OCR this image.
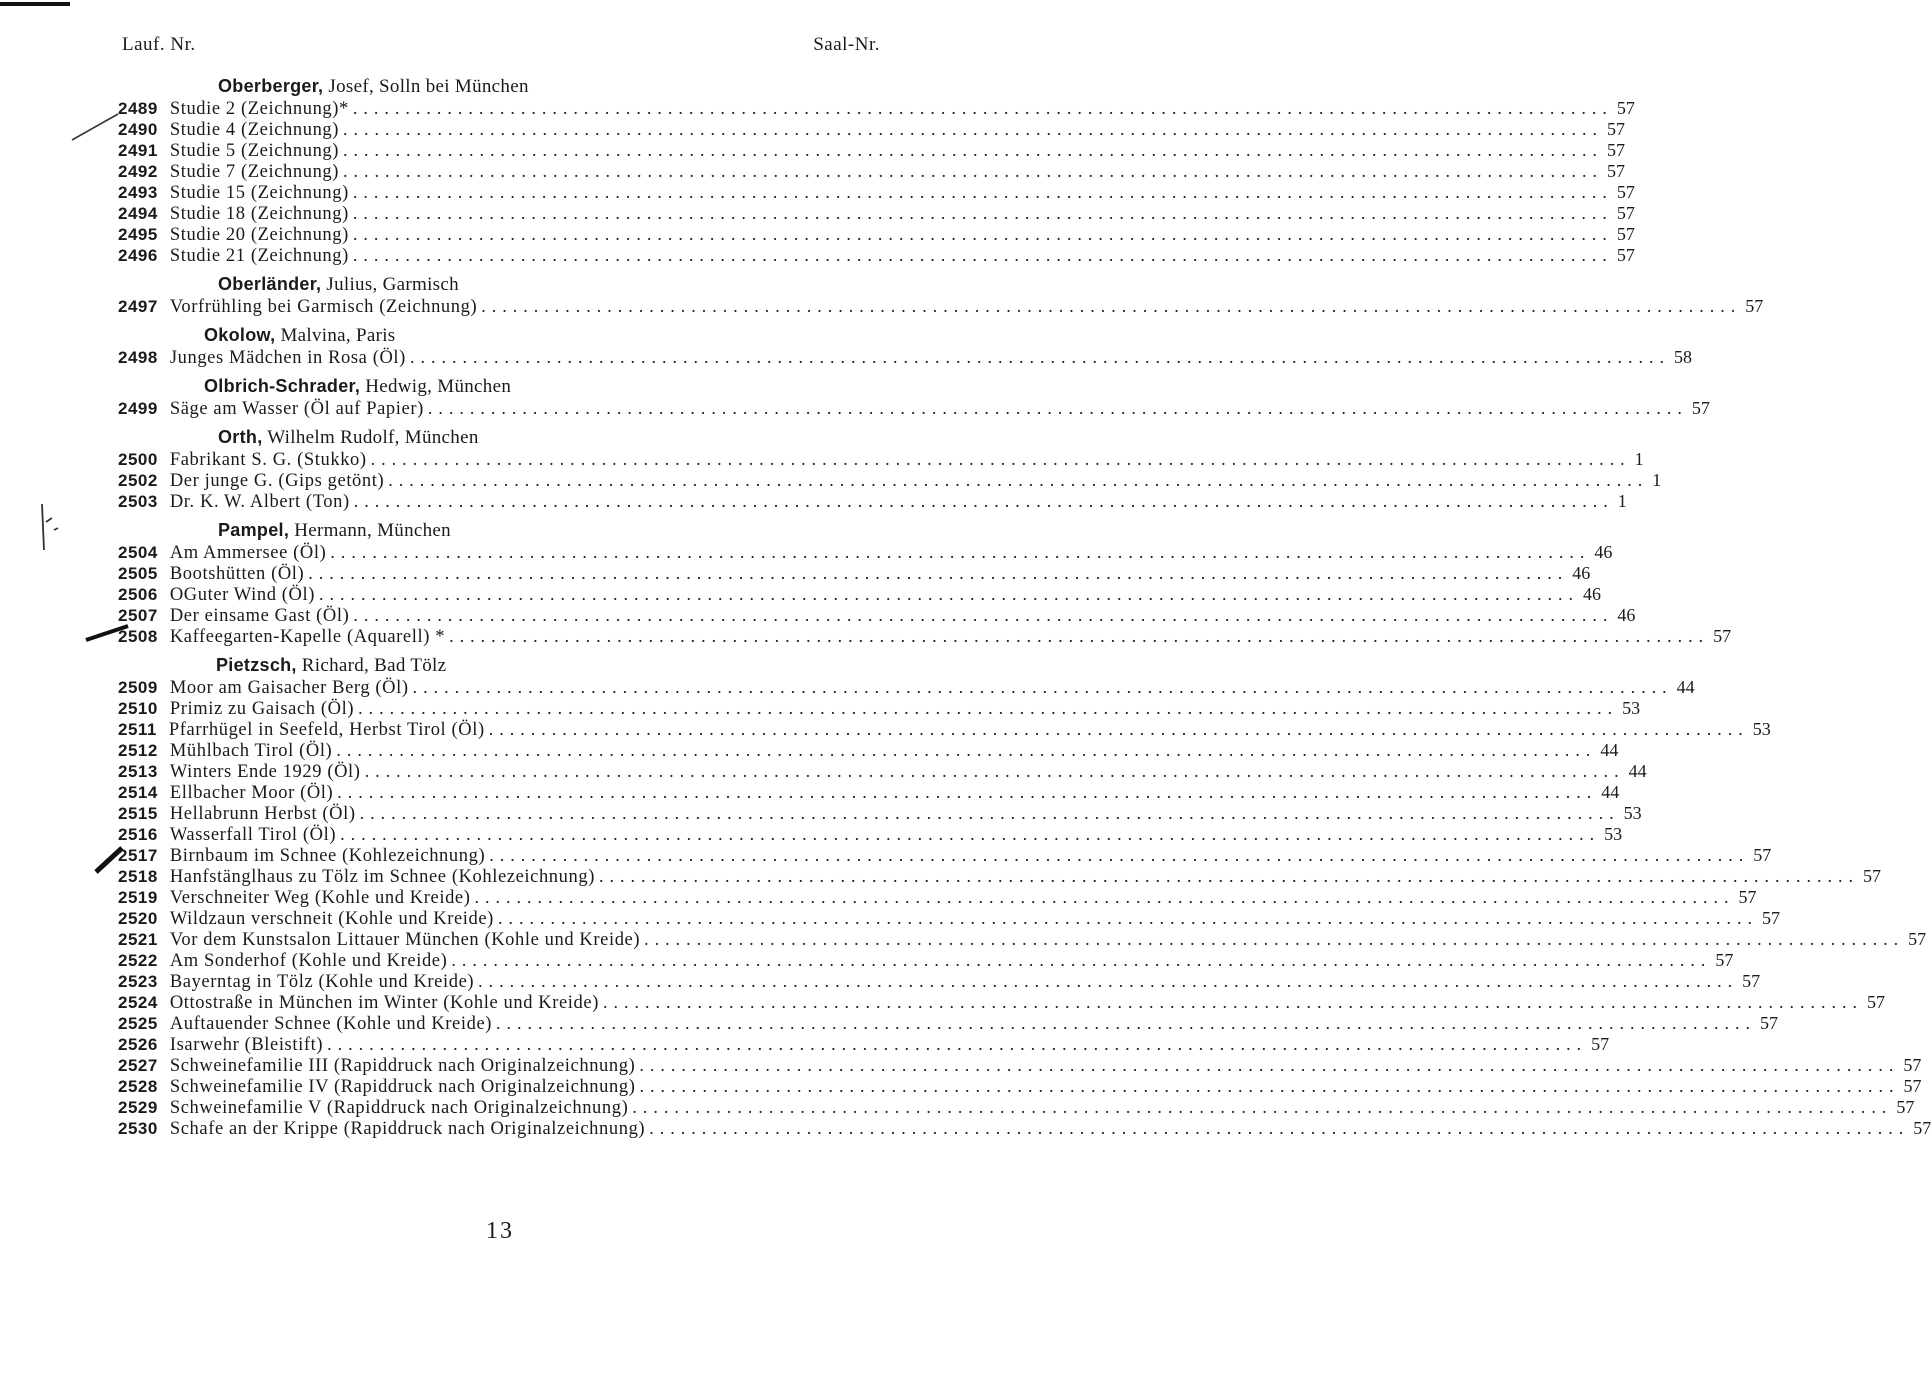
Lauf. Nr.	Saal-Nr.
Oberberger, Josef, Solln bei München
2489 Studie 2 (Zeichnung)* ........................................................................................................................ 57
2490 Studie 4 (Zeichnung) ........................................................................................................................ 57
2491 Studie 5 (Zeichnung) ........................................................................................................................ 57
2492 Studie 7 (Zeichnung) ........................................................................................................................ 57
2493 Studie 15 (Zeichnung) ........................................................................................................................ 57
2494 Studie 18 (Zeichnung) ........................................................................................................................ 57
2495 Studie 20 (Zeichnung) ........................................................................................................................ 57
2496 Studie 21 (Zeichnung) ........................................................................................................................ 57
Oberländer, Julius, Garmisch
2497 Vorfrühling bei Garmisch (Zeichnung) ........................................................................................................................ 57
Okolow, Malvina, Paris
2498 Junges Mädchen in Rosa (Öl) ........................................................................................................................ 58
Olbrich-Schrader, Hedwig, München
2499 Säge am Wasser (Öl auf Papier) ........................................................................................................................ 57
Orth, Wilhelm Rudolf, München
2500 Fabrikant S. G. (Stukko) ........................................................................................................................ 1
2502 Der junge G. (Gips getönt) ........................................................................................................................ 1
2503 Dr. K. W. Albert (Ton) ........................................................................................................................ 1
Pampel, Hermann, München
2504 Am Ammersee (Öl) ........................................................................................................................ 46
2505 Bootshütten (Öl) ........................................................................................................................ 46
2506 OGuter Wind (Öl) ........................................................................................................................ 46
2507 Der einsame Gast (Öl) ........................................................................................................................ 46
2508 Kaffeegarten-Kapelle (Aquarell) * ........................................................................................................................ 57
Pietzsch, Richard, Bad Tölz
2509 Moor am Gaisacher Berg (Öl) ........................................................................................................................ 44
2510 Primiz zu Gaisach (Öl) ........................................................................................................................ 53
2511 Pfarrhügel in Seefeld, Herbst Tirol (Öl) ........................................................................................................................ 53
2512 Mühlbach Tirol (Öl) ........................................................................................................................ 44
2513 Winters Ende 1929 (Öl) ........................................................................................................................ 44
2514 Ellbacher Moor (Öl) ........................................................................................................................ 44
2515 Hellabrunn Herbst (Öl) ........................................................................................................................ 53
2516 Wasserfall Tirol (Öl) ........................................................................................................................ 53
2517 Birnbaum im Schnee (Kohlezeichnung) ........................................................................................................................ 57
2518 Hanfstänglhaus zu Tölz im Schnee (Kohlezeichnung) ........................................................................................................................ 57
2519 Verschneiter Weg (Kohle und Kreide) ........................................................................................................................ 57
2520 Wildzaun verschneit (Kohle und Kreide) ........................................................................................................................ 57
2521 Vor dem Kunstsalon Littauer München (Kohle und Kreide) ........................................................................................................................ 57
2522 Am Sonderhof (Kohle und Kreide) ........................................................................................................................ 57
2523 Bayerntag in Tölz (Kohle und Kreide) ........................................................................................................................ 57
2524 Ottostraße in München im Winter (Kohle und Kreide) ........................................................................................................................ 57
2525 Auftauender Schnee (Kohle und Kreide) ........................................................................................................................ 57
2526 Isarwehr (Bleistift) ........................................................................................................................ 57
2527 Schweinefamilie III (Rapiddruck nach Originalzeichnung) ........................................................................................................................ 57
2528 Schweinefamilie IV (Rapiddruck nach Originalzeichnung) ........................................................................................................................ 57
2529 Schweinefamilie V (Rapiddruck nach Originalzeichnung) ........................................................................................................................ 57
2530 Schafe an der Krippe (Rapiddruck nach Originalzeichnung) ........................................................................................................................ 57
13
